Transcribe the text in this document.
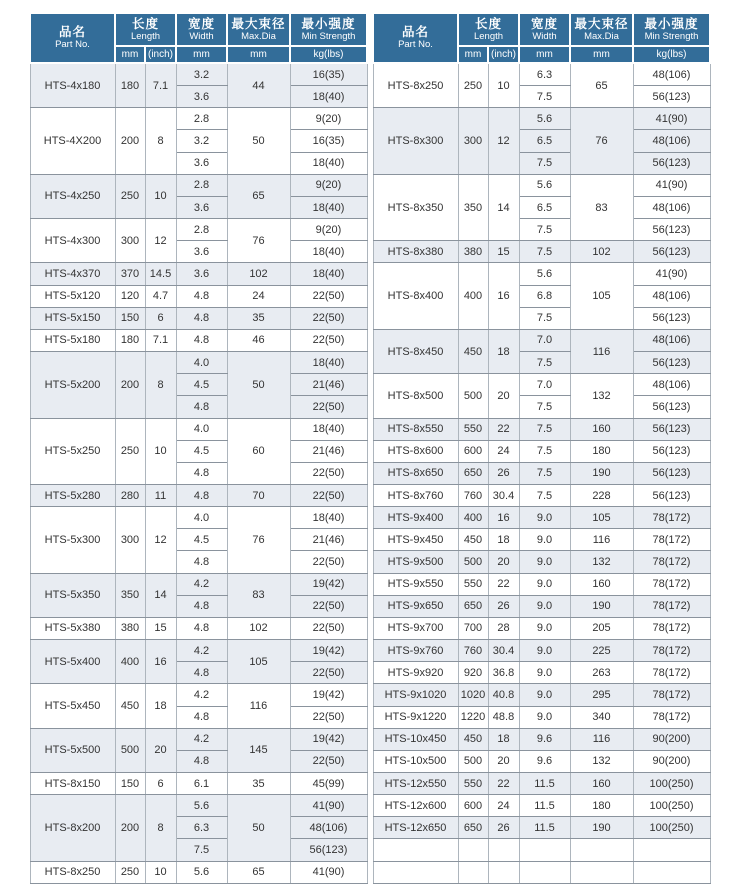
品名
Part No.

长度
Length

宽度
Width

最大束径
Max.Dia

最小强度
Min Strength

	mm	(inch)	mm	mm	kg(lbs)
HTS-4x180	180	7.1	3.2	44	16(35)
			3.6		18(40)
HTS-4X200	200	8	2.8	50	9(20)
			3.2		16(35)
			3.6		18(40)
HTS-4x250	250	10	2.8	65	9(20)
			3.6		18(40)
HTS-4x300	300	12	2.8	76	9(20)
			3.6		18(40)
HTS-4x370	370	14.5	3.6	102	18(40)
HTS-5x120	120	4.7	4.8	24	22(50)
HTS-5x150	150	6	4.8	35	22(50)
HTS-5x180	180	7.1	4.8	46	22(50)
HTS-5x200	200	8	4.0	50	18(40)
			4.5		21(46)
			4.8		22(50)
HTS-5x250	250	10	4.0	60	18(40)
			4.5		21(46)
			4.8		22(50)
HTS-5x280	280	11	4.8	70	22(50)
HTS-5x300	300	12	4.0	76	18(40)
			4.5		21(46)
			4.8		22(50)
HTS-5x350	350	14	4.2	83	19(42)
			4.8		22(50)
HTS-5x380	380	15	4.8	102	22(50)
HTS-5x400	400	16	4.2	105	19(42)
			4.8		22(50)
HTS-5x450	450	18	4.2	116	19(42)
			4.8		22(50)
HTS-5x500	500	20	4.2	145	19(42)
			4.8		22(50)
HTS-8x150	150	6	6.1	35	45(99)
HTS-8x200	200	8	5.6	50	41(90)
			6.3		48(106)
			7.5		56(123)
HTS-8x250	250	10	5.6	65	41(90)
品名
Part No.

长度
Length

宽度
Width

最大束径
Max.Dia

最小强度
Min Strength

	mm	(inch)	mm	mm	kg(lbs)
HTS-8x250	250	10	6.3	65	48(106)
			7.5		56(123)
HTS-8x300	300	12	5.6	76	41(90)
			6.5		48(106)
			7.5		56(123)
HTS-8x350	350	14	5.6	83	41(90)
			6.5		48(106)
			7.5		56(123)
HTS-8x380	380	15	7.5	102	56(123)
HTS-8x400	400	16	5.6	105	41(90)
			6.8		48(106)
			7.5		56(123)
HTS-8x450	450	18	7.0	116	48(106)
			7.5		56(123)
HTS-8x500	500	20	7.0	132	48(106)
			7.5		56(123)
HTS-8x550	550	22	7.5	160	56(123)
HTS-8x600	600	24	7.5	180	56(123)
HTS-8x650	650	26	7.5	190	56(123)
HTS-8x760	760	30.4	7.5	228	56(123)
HTS-9x400	400	16	9.0	105	78(172)
HTS-9x450	450	18	9.0	116	78(172)
HTS-9x500	500	20	9.0	132	78(172)
HTS-9x550	550	22	9.0	160	78(172)
HTS-9x650	650	26	9.0	190	78(172)
HTS-9x700	700	28	9.0	205	78(172)
HTS-9x760	760	30.4	9.0	225	78(172)
HTS-9x920	920	36.8	9.0	263	78(172)
HTS-9x1020	1020	40.8	9.0	295	78(172)
HTS-9x1220	1220	48.8	9.0	340	78(172)
HTS-10x450	450	18	9.6	116	90(200)
HTS-10x500	500	20	9.6	132	90(200)
HTS-12x550	550	22	11.5	160	100(250)
HTS-12x600	600	24	11.5	180	100(250)
HTS-12x650	650	26	11.5	190	100(250)
